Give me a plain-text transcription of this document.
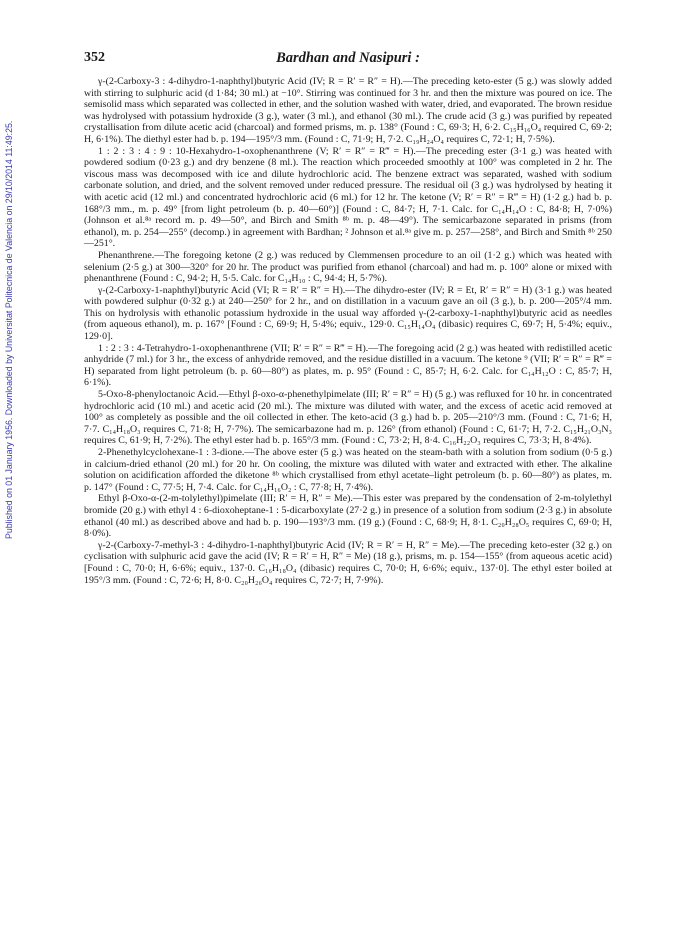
Published on 01 January 1956. Downloaded by Universitat Politecnica de Valencia on 29/10/2014 11:49:25.
352	Bardhan and Nasipuri :

γ-(2-Carboxy-3 : 4-dihydro-1-naphthyl)butyric Acid (IV; R = R′ = R″ = H).—The preceding keto-ester (5 g.) was slowly added with stirring to sulphuric acid (d 1·84; 30 ml.) at −10°. Stirring was continued for 3 hr. and then the mixture was poured on ice. The semisolid mass which separated was collected in ether, and the solution washed with water, dried, and evaporated. The brown residue was hydrolysed with potassium hydroxide (3 g.), water (3 ml.), and ethanol (30 ml.). The crude acid (3 g.) was purified by repeated crystallisation from dilute acetic acid (charcoal) and formed prisms, m. p. 138° (Found : C, 69·3; H, 6·2. C₁₅H₁₆O₄ required C, 69·2; H, 6·1%). The diethyl ester had b. p. 194—195°/3 mm. (Found : C, 71·9; H, 7·2. C₁₉H₂₄O₄ requires C, 72·1; H, 7·5%).

1 : 2 : 3 : 4 : 9 : 10-Hexahydro-1-oxophenanthrene (V; R′ = R″ = R‴ = H).—The preceding ester (3·1 g.) was heated with powdered sodium (0·23 g.) and dry benzene (8 ml.). The reaction which proceeded smoothly at 100° was completed in 2 hr. The viscous mass was decomposed with ice and dilute hydrochloric acid. The benzene extract was separated, washed with sodium carbonate solution, and dried, and the solvent removed under reduced pressure. The residual oil (3 g.) was hydrolysed by heating it with acetic acid (12 ml.) and concentrated hydrochloric acid (6 ml.) for 12 hr. The ketone (V; R′ = R″ = R‴ = H) (1·2 g.) had b. p. 168°/3 mm., m. p. 49° [from light petroleum (b. p. 40—60°)] (Found : C, 84·7; H, 7·1. Calc. for C₁₄H₁₄O : C, 84·8; H, 7·0%) (Johnson et al.⁸ᵃ record m. p. 49—50°, and Birch and Smith ⁸ᵇ m. p. 48—49°). The semicarbazone separated in prisms (from ethanol), m. p. 254—255° (decomp.) in agreement with Bardhan; ² Johnson et al.⁸ᵃ give m. p. 257—258°, and Birch and Smith ⁸ᵇ 250—251°.

Phenanthrene.—The foregoing ketone (2 g.) was reduced by Clemmensen procedure to an oil (1·2 g.) which was heated with selenium (2·5 g.) at 300—320° for 20 hr. The product was purified from ethanol (charcoal) and had m. p. 100° alone or mixed with phenanthrene (Found : C, 94·2; H, 5·5. Calc. for C₁₄H₁₀ : C, 94·4; H, 5·7%).

γ-(2-Carboxy-1-naphthyl)butyric Acid (VI; R = R′ = R″ = H).—The dihydro-ester (IV; R = Et, R′ = R″ = H) (3·1 g.) was heated with powdered sulphur (0·32 g.) at 240—250° for 2 hr., and on distillation in a vacuum gave an oil (3 g.), b. p. 200—205°/4 mm. This on hydrolysis with ethanolic potassium hydroxide in the usual way afforded γ-(2-carboxy-1-naphthyl)butyric acid as needles (from aqueous ethanol), m. p. 167° [Found : C, 69·9; H, 5·4%; equiv., 129·0. C₁₅H₁₄O₄ (dibasic) requires C, 69·7; H, 5·4%; equiv., 129·0].

1 : 2 : 3 : 4-Tetrahydro-1-oxophenanthrene (VII; R′ = R″ = R‴ = H).—The foregoing acid (2 g.) was heated with redistilled acetic anhydride (7 ml.) for 3 hr., the excess of anhydride removed, and the residue distilled in a vacuum. The ketone ⁹ (VII; R′ = R″ = R‴ = H) separated from light petroleum (b. p. 60—80°) as plates, m. p. 95° (Found : C, 85·7; H, 6·2. Calc. for C₁₄H₁₂O : C, 85·7; H, 6·1%).

5-Oxo-8-phenyloctanoic Acid.—Ethyl β-oxo-α-phenethylpimelate (III; R′ = R″ = H) (5 g.) was refluxed for 10 hr. in concentrated hydrochloric acid (10 ml.) and acetic acid (20 ml.). The mixture was diluted with water, and the excess of acetic acid removed at 100° as completely as possible and the oil collected in ether. The keto-acid (3 g.) had b. p. 205—210°/3 mm. (Found : C, 71·6; H, 7·7. C₁₄H₁₈O₃ requires C, 71·8; H, 7·7%). The semicarbazone had m. p. 126° (from ethanol) (Found : C, 61·7; H, 7·2. C₁₅H₂₁O₃N₃ requires C, 61·9; H, 7·2%). The ethyl ester had b. p. 165°/3 mm. (Found : C, 73·2; H, 8·4. C₁₆H₂₂O₃ requires C, 73·3; H, 8·4%).

2-Phenethylcyclohexane-1 : 3-dione.—The above ester (5 g.) was heated on the steam-bath with a solution from sodium (0·5 g.) in calcium-dried ethanol (20 ml.) for 20 hr. On cooling, the mixture was diluted with water and extracted with ether. The alkaline solution on acidification afforded the diketone ⁸ᵇ which crystallised from ethyl acetate–light petroleum (b. p. 60—80°) as plates, m. p. 147° (Found : C, 77·5; H, 7·4. Calc. for C₁₄H₁₆O₂ : C, 77·8; H, 7·4%).

Ethyl β-Oxo-α-(2-m-tolylethyl)pimelate (III; R′ = H, R″ = Me).—This ester was prepared by the condensation of 2-m-tolylethyl bromide (20 g.) with ethyl 4 : 6-dioxoheptane-1 : 5-dicarboxylate (27·2 g.) in presence of a solution from sodium (2·3 g.) in absolute ethanol (40 ml.) as described above and had b. p. 190—193°/3 mm. (19 g.) (Found : C, 68·9; H, 8·1. C₂₀H₂₈O₅ requires C, 69·0; H, 8·0%).

γ-2-(Carboxy-7-methyl-3 : 4-dihydro-1-naphthyl)butyric Acid (IV; R = R′ = H, R″ = Me).—The preceding keto-ester (32 g.) on cyclisation with sulphuric acid gave the acid (IV; R = R′ = H, R″ = Me) (18 g.), prisms, m. p. 154—155° (from aqueous acetic acid) [Found : C, 70·0; H, 6·6%; equiv., 137·0. C₁₆H₁₈O₄ (dibasic) requires C, 70·0; H, 6·6%; equiv., 137·0]. The ethyl ester boiled at 195°/3 mm. (Found : C, 72·6; H, 8·0. C₂₀H₂₆O₄ requires C, 72·7; H, 7·9%).
